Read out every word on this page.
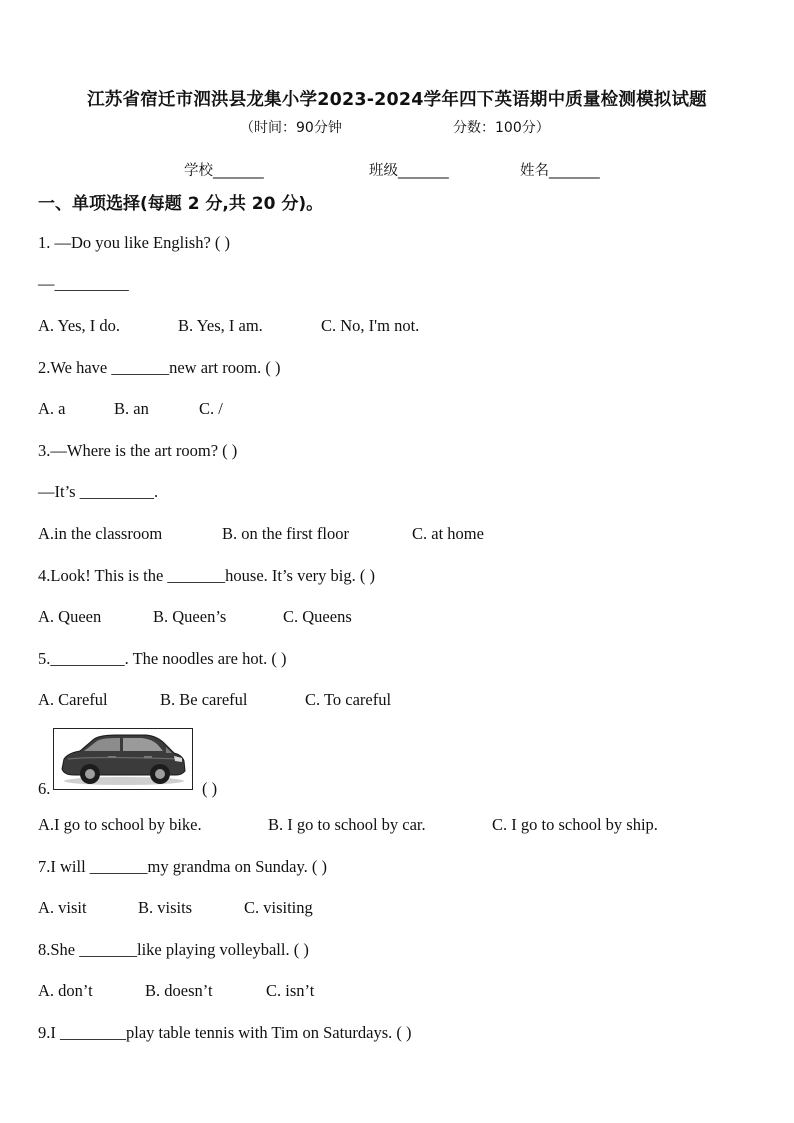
江苏省宿迁市泗洪县龙集小学2023-2024学年四下英语期中质量检测模拟试题
（时间：90分钟	分数：100分）
学校_______	班级_______	姓名_______
一、单项选择(每题 2 分,共 20 分)。
1. —Do you like English? ( )
—_________
A. Yes, I do.	B. Yes, I am.	C. No, I'm not.
2.We have _______new art room. ( )
A. a	B. an	C. /
3.—Where is the art room? ( )
—It’s _________.
A.in the classroom	B. on the first floor	C. at home
4.Look! This is the _______house. It’s very big. ( )
A. Queen	B. Queen’s	C. Queens
5._________. The noodles are hot. ( )
A. Careful	B. Be careful	C. To careful
6.	( )
A.I go to school by bike.	B. I go to school by car.	C. I go to school by ship.
7.I will _______my grandma on Sunday. ( )
A. visit	B. visits	C. visiting
8.She _______like playing volleyball. ( )
A. don’t	B. doesn’t	C. isn’t
9.I ________play table tennis with Tim on Saturdays. ( )
